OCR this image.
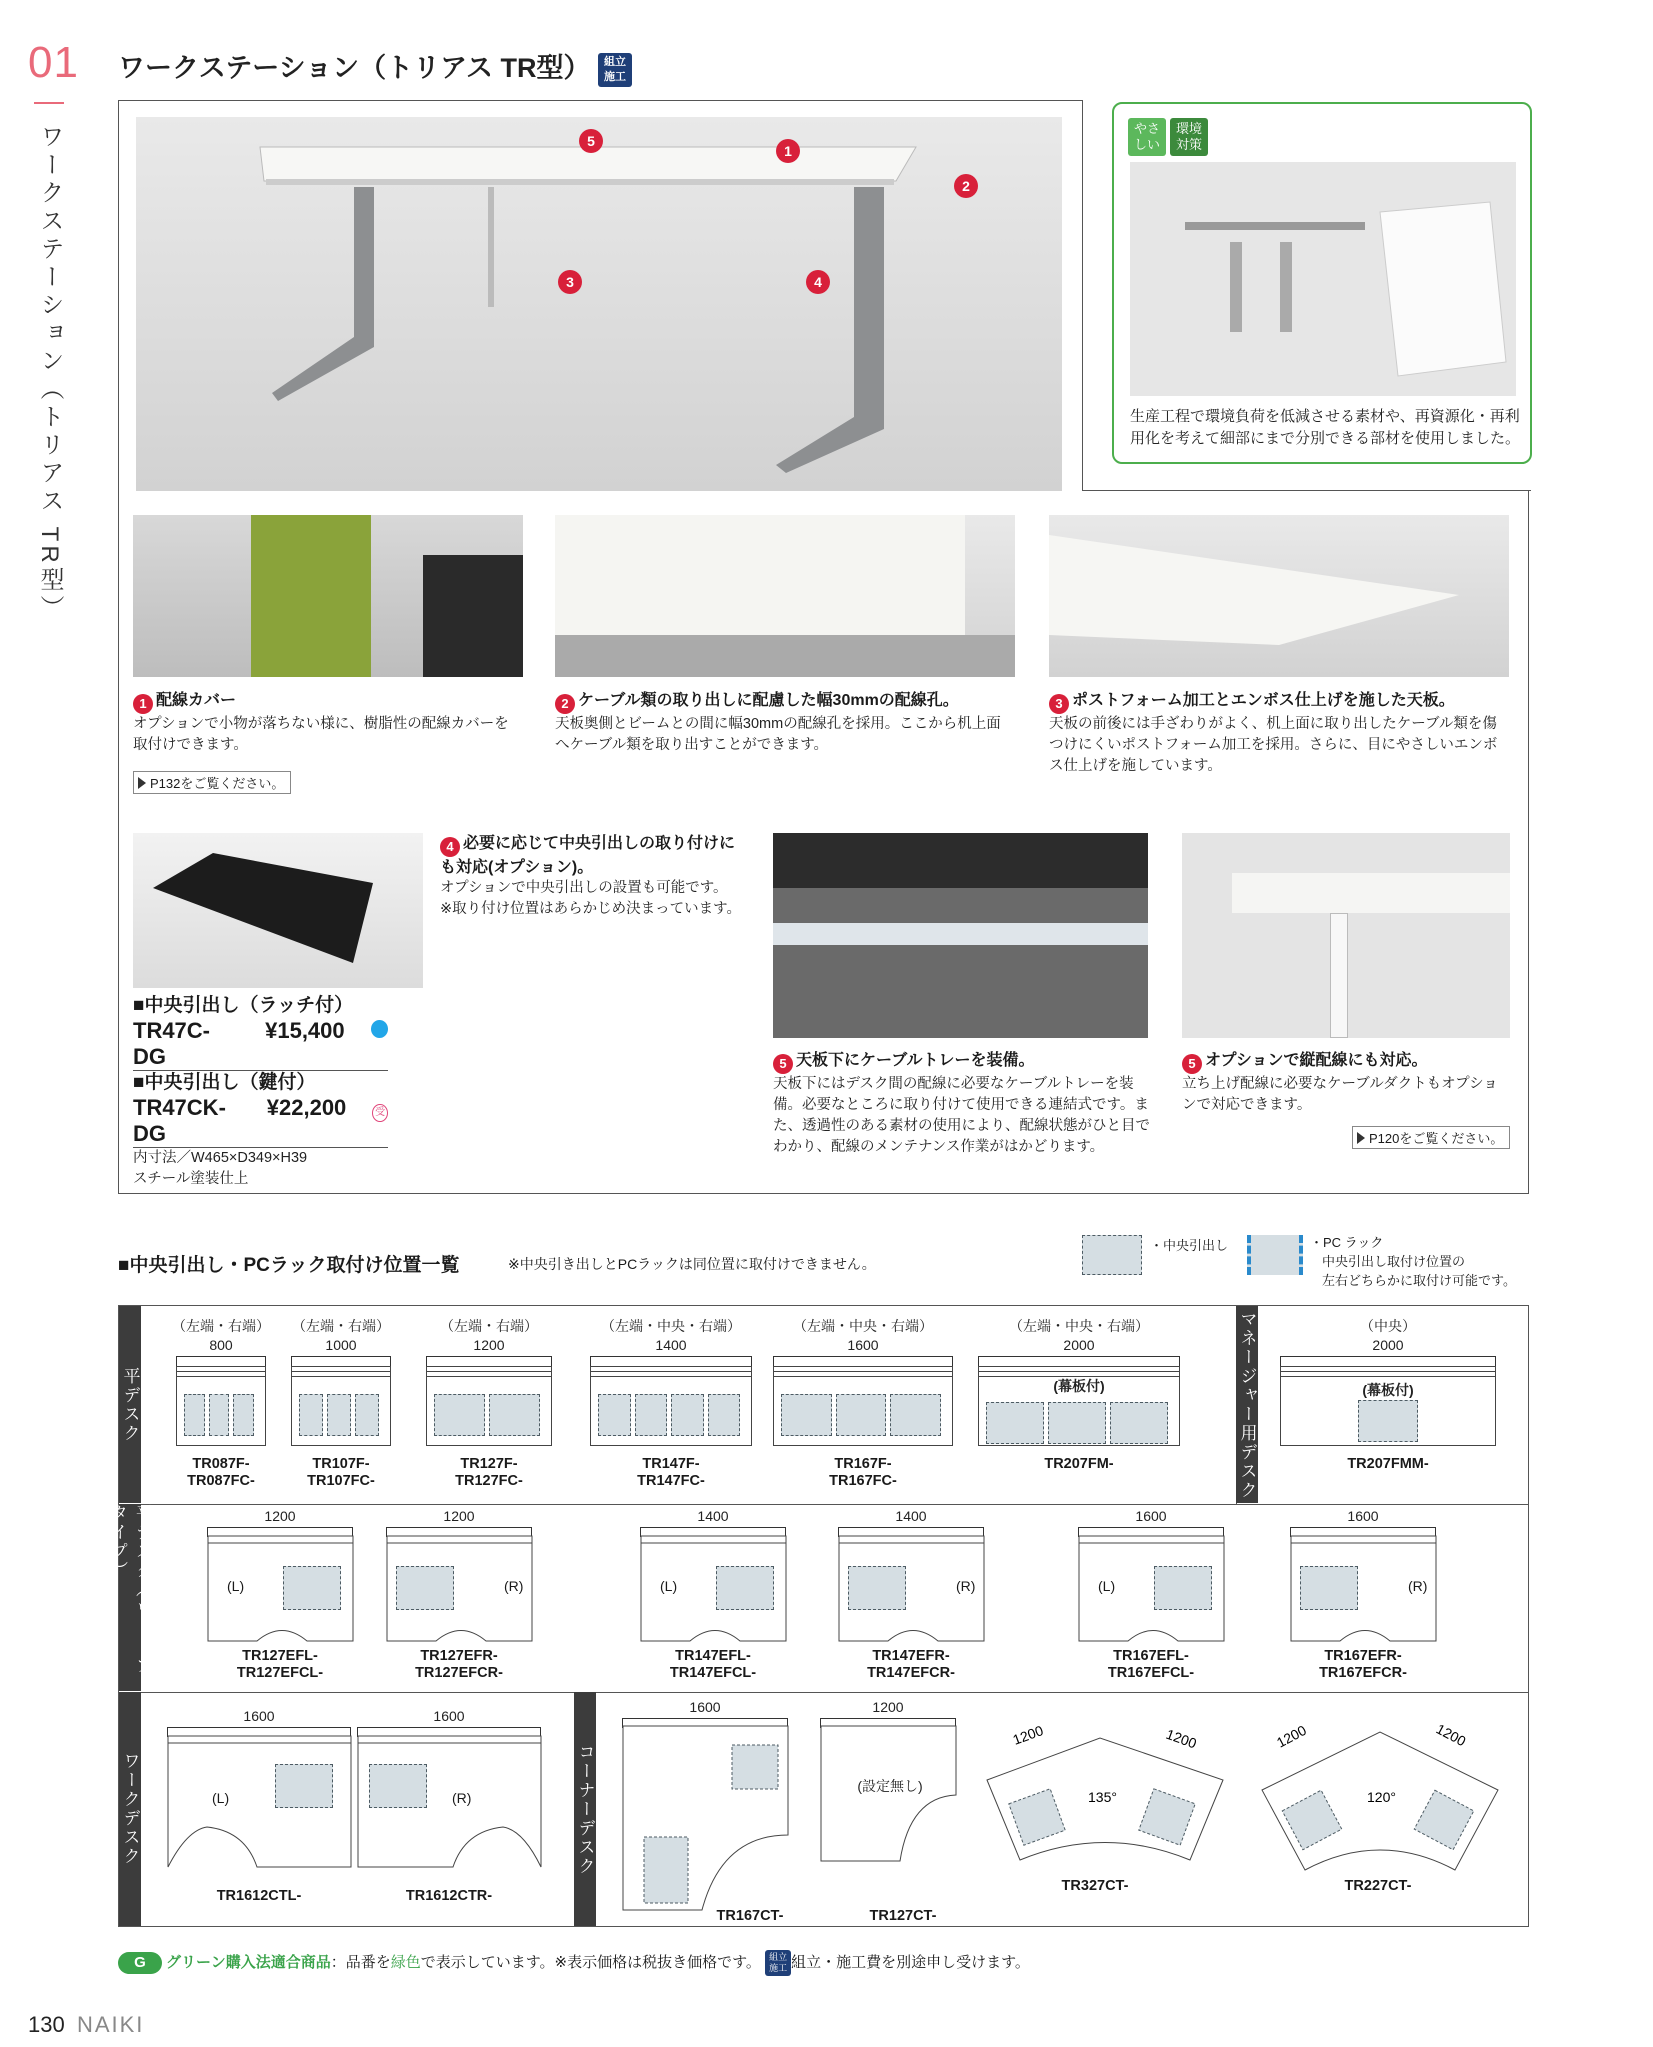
01
ワークステーション（トリアス TR型）
ワークステーション（トリアス TR型） 組立
施工
5
1
2
3	4
やさしい
環境対策
生産工程で環境負荷を低減させる素材や、再資源化・再利用化を考えて細部にまで分別できる部材を使用しました。
1 配線カバー
オプションで小物が落ちない様に、樹脂性の配線カバーを取付けできます。
P132をご覧ください。
2 ケーブル類の取り出しに配慮した幅30mmの配線孔。
天板奥側とビームとの間に幅30mmの配線孔を採用。ここから机上面へケーブル類を取り出すことができます。
3 ポストフォーム加工とエンボス仕上げを施した天板。
天板の前後には手ざわりがよく、机上面に取り出したケーブル類を傷つけにくいポストフォーム加工を採用。さらに、目にやさしいエンボス仕上げを施しています。
■中央引出し（ラッチ付）
TR47C-DG
¥15,400
■中央引出し（鍵付）
TR47CK-DG
¥22,200	受
内寸法／W465×D349×H39
スチール塗装仕上
4 必要に応じて中央引出しの取り付けにも対応(オプション)。
オプションで中央引出しの設置も可能です。
※取り付け位置はあらかじめ決まっています。
5 天板下にケーブルトレーを装備。
天板下にはデスク間の配線に必要なケーブルトレーを装備。必要なところに取り付けて使用できる連結式です。また、透過性のある素材の使用により、配線状態がひと目でわかり、配線のメンテナンス作業がはかどります。
5 オプションで縦配線にも対応。
立ち上げ配線に必要なケーブルダクトもオプションで対応できます。
P120をご覧ください。
■中央引出し・PCラック取付け位置一覧	※中央引き出しとPCラックは同位置に取付けできません。
・中央引出し	・PC ラック
中央引出し取付け位置の
左右どちらかに取付け可能です。
平デスク	マネージャー用デスク
平デスク（ウェーブタイプ）
ワークデスク	コーナーデスク
（左端・右端）
800
TR087F-
TR087FC-
（左端・右端）
1000
TR107F-
TR107FC-
（左端・右端）
1200
TR127F-
TR127FC-
（左端・中央・右端）
1400
TR147F-
TR147FC-
（左端・中央・右端）
1600
TR167F-
TR167FC-
（左端・中央・右端）
2000
(幕板付)
TR207FM-
（中央）
2000
(幕板付)
TR207FMM-
1200
(L)
TR127EFL-
TR127EFCL-
1200
(R)
TR127EFR-
TR127EFCR-
1400
(L)
TR147EFL-
TR147EFCL-
1400
(R)
TR147EFR-
TR147EFCR-
1600
(L)
TR167EFL-
TR167EFCL-
1600
(R)
TR167EFR-
TR167EFCR-
1600
(L)
TR1612CTL-
1600
(R)
TR1612CTR-
1600
TR167CT-
1200
(設定無し)
TR127CT-
1200	1200
135°
TR327CT-
1200	1200
120°
TR227CT-
G グリーン購入法適合商品：品番を緑色で表示しています。※表示価格は税抜き価格です。 組立
施工 組立・施工費を別途申し受けます。
130 NAIKI
